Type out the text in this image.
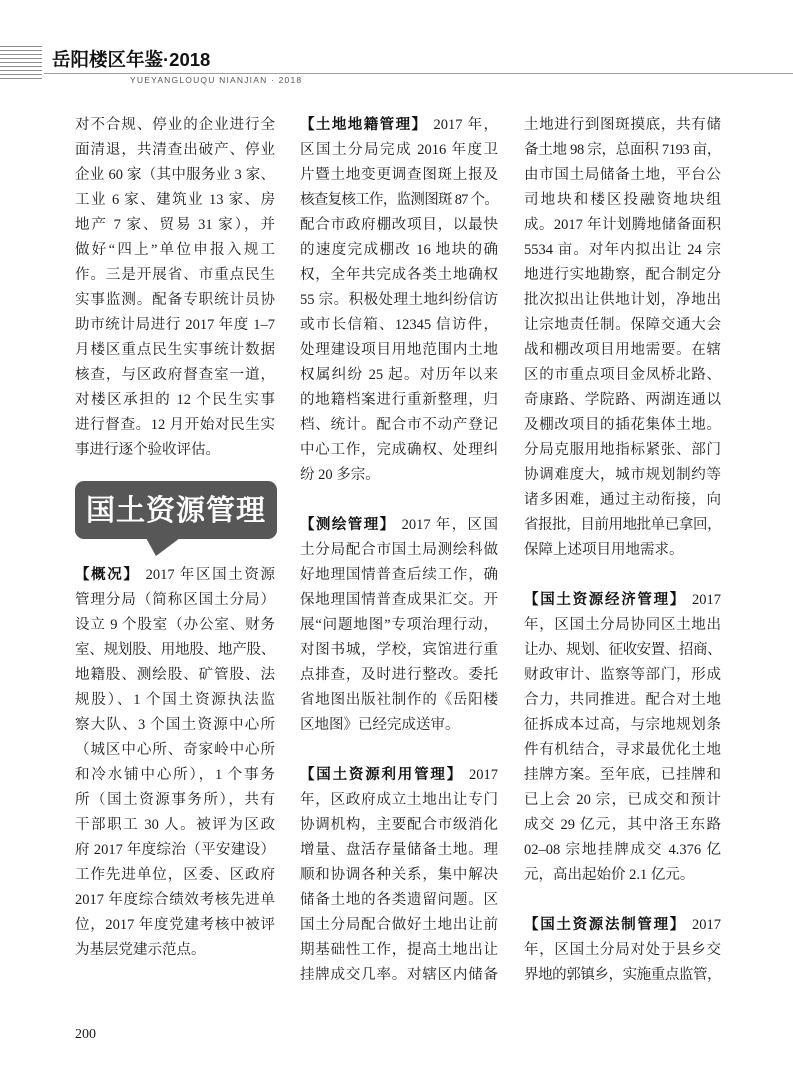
岳阳楼区年鉴·2018
YUEYANGLOUQU NIANJIAN · 2018
对不合规、停业的企业进行全
面清退，共清查出破产、停业
企业 60 家（其中服务业 3 家、
工业 6 家、建筑业 13 家、房
地产 7 家、贸易 31 家），并
做好“四上”单位申报入规工
作。三是开展省、市重点民生
实事监测。配备专职统计员协
助市统计局进行 2017 年度 1–7
月楼区重点民生实事统计数据
核查，与区政府督查室一道，
对楼区承担的 12 个民生实事
进行督查。12 月开始对民生实
事进行逐个验收评估。
国土资源管理
【概况】 2017 年区国土资源
管理分局（简称区国土分局）
设立 9 个股室（办公室、财务
室、规划股、用地股、地产股、
地籍股、测绘股、矿管股、法
规股）、1 个国土资源执法监
察大队、3 个国土资源中心所
（城区中心所、奇家岭中心所
和冷水铺中心所），1 个事务
所（国土资源事务所），共有
干部职工 30 人。被评为区政
府 2017 年度综治（平安建设）
工作先进单位，区委、区政府
2017 年度综合绩效考核先进单
位，2017 年度党建考核中被评
为基层党建示范点。
【土地地籍管理】 2017 年，
区国土分局完成 2016 年度卫
片暨土地变更调查图斑上报及
核查复核工作，监测图斑 87 个。
配合市政府棚改项目，以最快
的速度完成棚改 16 地块的确
权，全年共完成各类土地确权
55 宗。积极处理土地纠纷信访
或市长信箱、12345 信访件，
处理建设项目用地范围内土地
权属纠纷 25 起。对历年以来
的地籍档案进行重新整理，归
档、统计。配合市不动产登记
中心工作，完成确权、处理纠
纷 20 多宗。
【测绘管理】 2017 年，区国
土分局配合市国土局测绘科做
好地理国情普查后续工作，确
保地理国情普查成果汇交。开
展“问题地图”专项治理行动，
对图书城，学校，宾馆进行重
点排查，及时进行整改。委托
省地图出版社制作的《岳阳楼
区地图》已经完成送审。
【国土资源利用管理】 2017
年，区政府成立土地出让专门
协调机构，主要配合市级消化
增量、盘活存量储备土地。理
顺和协调各种关系，集中解决
储备土地的各类遗留问题。区
国土分局配合做好土地出让前
期基础性工作，提高土地出让
挂牌成交几率。对辖区内储备
土地进行到图斑摸底，共有储
备土地 98 宗，总面积 7193 亩，
由市国土局储备土地，平台公
司地块和楼区投融资地块组
成。2017 年计划腾地储备面积
5534 亩。对年内拟出让 24 宗
地进行实地勘察，配合制定分
批次拟出让供地计划，净地出
让宗地责任制。保障交通大会
战和棚改项目用地需要。在辖
区的市重点项目金凤桥北路、
奇康路、学院路、两湖连通以
及棚改项目的插花集体土地。
分局克服用地指标紧张、部门
协调难度大，城市规划制约等
诸多困难，通过主动衔接，向
省报批，目前用地批单已拿回，
保障上述项目用地需求。
【国土资源经济管理】 2017
年，区国土分局协同区土地出
让办、规划、征收安置、招商、
财政审计、监察等部门，形成
合力，共同推进。配合对土地
征拆成本过高，与宗地规划条
件有机结合，寻求最优化土地
挂牌方案。至年底，已挂牌和
已上会 20 宗，已成交和预计
成交 29 亿元，其中洛王东路
02–08 宗地挂牌成交 4.376 亿
元，高出起始价 2.1 亿元。
【国土资源法制管理】 2017
年，区国土分局对处于县乡交
界地的郭镇乡，实施重点监管，
200
